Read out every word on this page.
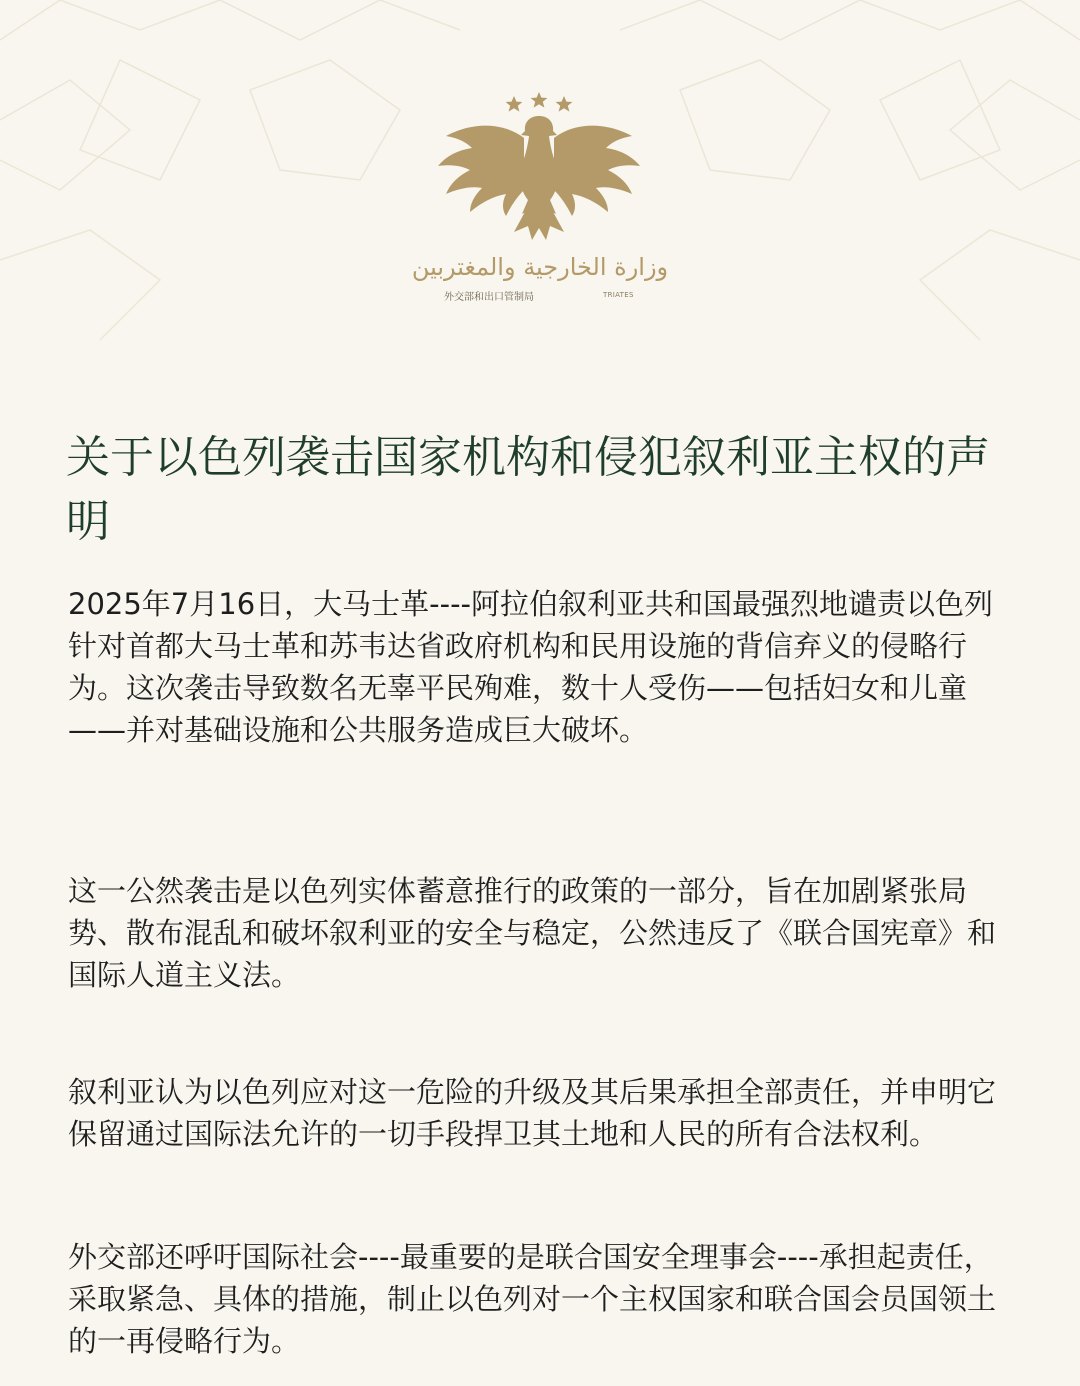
وزارة الخارجية والمغتربين
外交部和出口管制局	TRIATES
关于以色列袭击国家机构和侵犯叙利亚主权的声明

2025年7月16日，大马士革----阿拉伯叙利亚共和国最强烈地谴责以色列针对首都大马士革和苏韦达省政府机构和民用设施的背信弃义的侵略行为。这次袭击导致数名无辜平民殉难，数十人受伤——包括妇女和儿童——并对基础设施和公共服务造成巨大破坏。

这一公然袭击是以色列实体蓄意推行的政策的一部分，旨在加剧紧张局势、散布混乱和破坏叙利亚的安全与稳定，公然违反了《联合国宪章》和国际人道主义法。

叙利亚认为以色列应对这一危险的升级及其后果承担全部责任，并申明它保留通过国际法允许的一切手段捍卫其土地和人民的所有合法权利。

外交部还呼吁国际社会----最重要的是联合国安全理事会----承担起责任，采取紧急、具体的措施，制止以色列对一个主权国家和联合国会员国领土的一再侵略行为。
